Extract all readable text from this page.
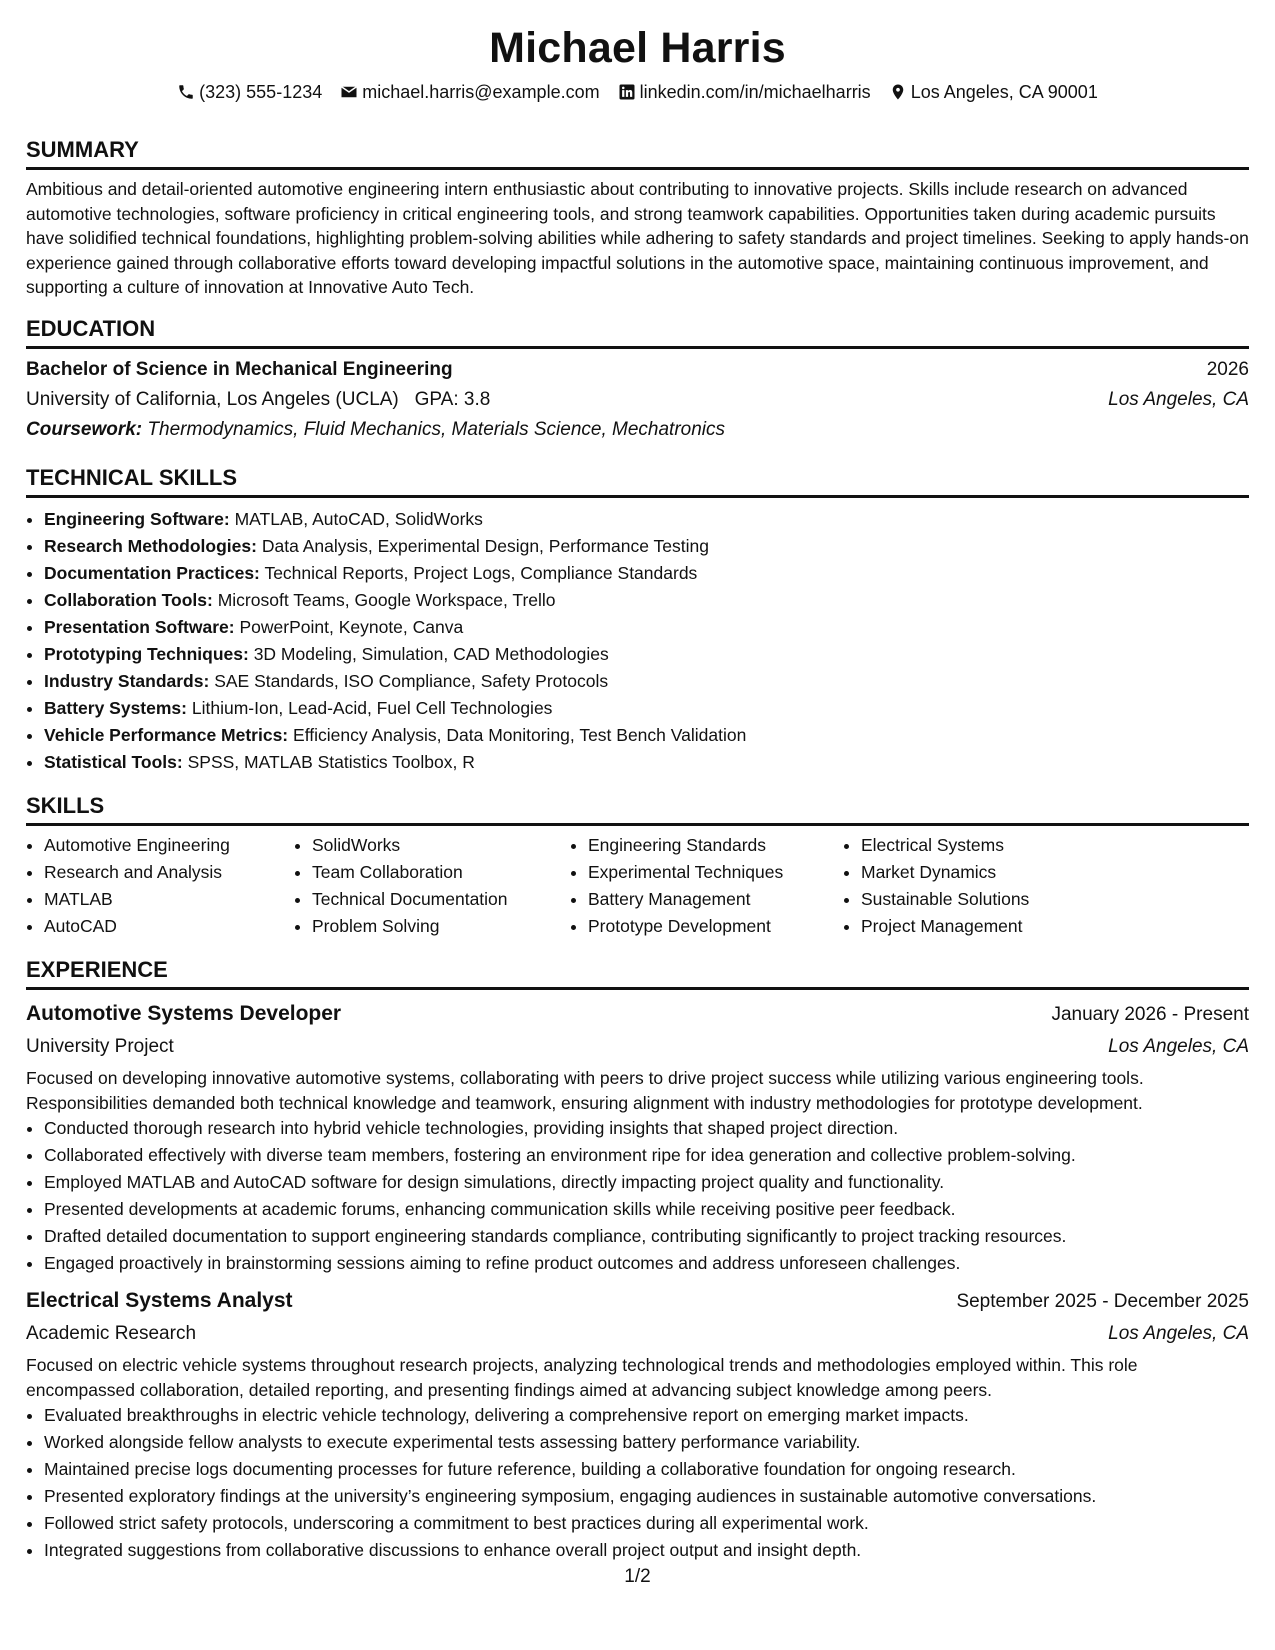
Michael Harris
(323) 555-1234 michael.harris@example.com linkedin.com/in/michaelharris Los Angeles, CA 90001
SUMMARY

Ambitious and detail-oriented automotive engineering intern enthusiastic about contributing to innovative projects. Skills include research on advanced automotive technologies, software proficiency in critical engineering tools, and strong teamwork capabilities. Opportunities taken during academic pursuits have solidified technical foundations, highlighting problem-solving abilities while adhering to safety standards and project timelines. Seeking to apply hands-on experience gained through collaborative efforts toward developing impactful solutions in the automotive space, maintaining continuous improvement, and supporting a culture of innovation at Innovative Auto Tech.

EDUCATION
Bachelor of Science in Mechanical Engineering	2026
University of California, Los Angeles (UCLA) GPA: 3.8	Los Angeles, CA
Coursework: Thermodynamics, Fluid Mechanics, Materials Science, Mechatronics
TECHNICAL SKILLS
• Engineering Software: MATLAB, AutoCAD, SolidWorks
• Research Methodologies: Data Analysis, Experimental Design, Performance Testing
• Documentation Practices: Technical Reports, Project Logs, Compliance Standards
• Collaboration Tools: Microsoft Teams, Google Workspace, Trello
• Presentation Software: PowerPoint, Keynote, Canva
• Prototyping Techniques: 3D Modeling, Simulation, CAD Methodologies
• Industry Standards: SAE Standards, ISO Compliance, Safety Protocols
• Battery Systems: Lithium-Ion, Lead-Acid, Fuel Cell Technologies
• Vehicle Performance Metrics: Efficiency Analysis, Data Monitoring, Test Bench Validation
• Statistical Tools: SPSS, MATLAB Statistics Toolbox, R
SKILLS
• Automotive Engineering
• Research and Analysis
• MATLAB
• AutoCAD
• SolidWorks
• Team Collaboration
• Technical Documentation
• Problem Solving
• Engineering Standards
• Experimental Techniques
• Battery Management
• Prototype Development
• Electrical Systems
• Market Dynamics
• Sustainable Solutions
• Project Management
EXPERIENCE
Automotive Systems Developer	January 2026 - Present
University Project	Los Angeles, CA

Focused on developing innovative automotive systems, collaborating with peers to drive project success while utilizing various engineering tools. Responsibilities demanded both technical knowledge and teamwork, ensuring alignment with industry methodologies for prototype development.

• Conducted thorough research into hybrid vehicle technologies, providing insights that shaped project direction.
• Collaborated effectively with diverse team members, fostering an environment ripe for idea generation and collective problem-solving.
• Employed MATLAB and AutoCAD software for design simulations, directly impacting project quality and functionality.
• Presented developments at academic forums, enhancing communication skills while receiving positive peer feedback.
• Drafted detailed documentation to support engineering standards compliance, contributing significantly to project tracking resources.
• Engaged proactively in brainstorming sessions aiming to refine product outcomes and address unforeseen challenges.
Electrical Systems Analyst	September 2025 - December 2025
Academic Research	Los Angeles, CA

Focused on electric vehicle systems throughout research projects, analyzing technological trends and methodologies employed within. This role encompassed collaboration, detailed reporting, and presenting findings aimed at advancing subject knowledge among peers.

• Evaluated breakthroughs in electric vehicle technology, delivering a comprehensive report on emerging market impacts.
• Worked alongside fellow analysts to execute experimental tests assessing battery performance variability.
• Maintained precise logs documenting processes for future reference, building a collaborative foundation for ongoing research.
• Presented exploratory findings at the university’s engineering symposium, engaging audiences in sustainable automotive conversations.
• Followed strict safety protocols, underscoring a commitment to best practices during all experimental work.
• Integrated suggestions from collaborative discussions to enhance overall project output and insight depth.
1/2
